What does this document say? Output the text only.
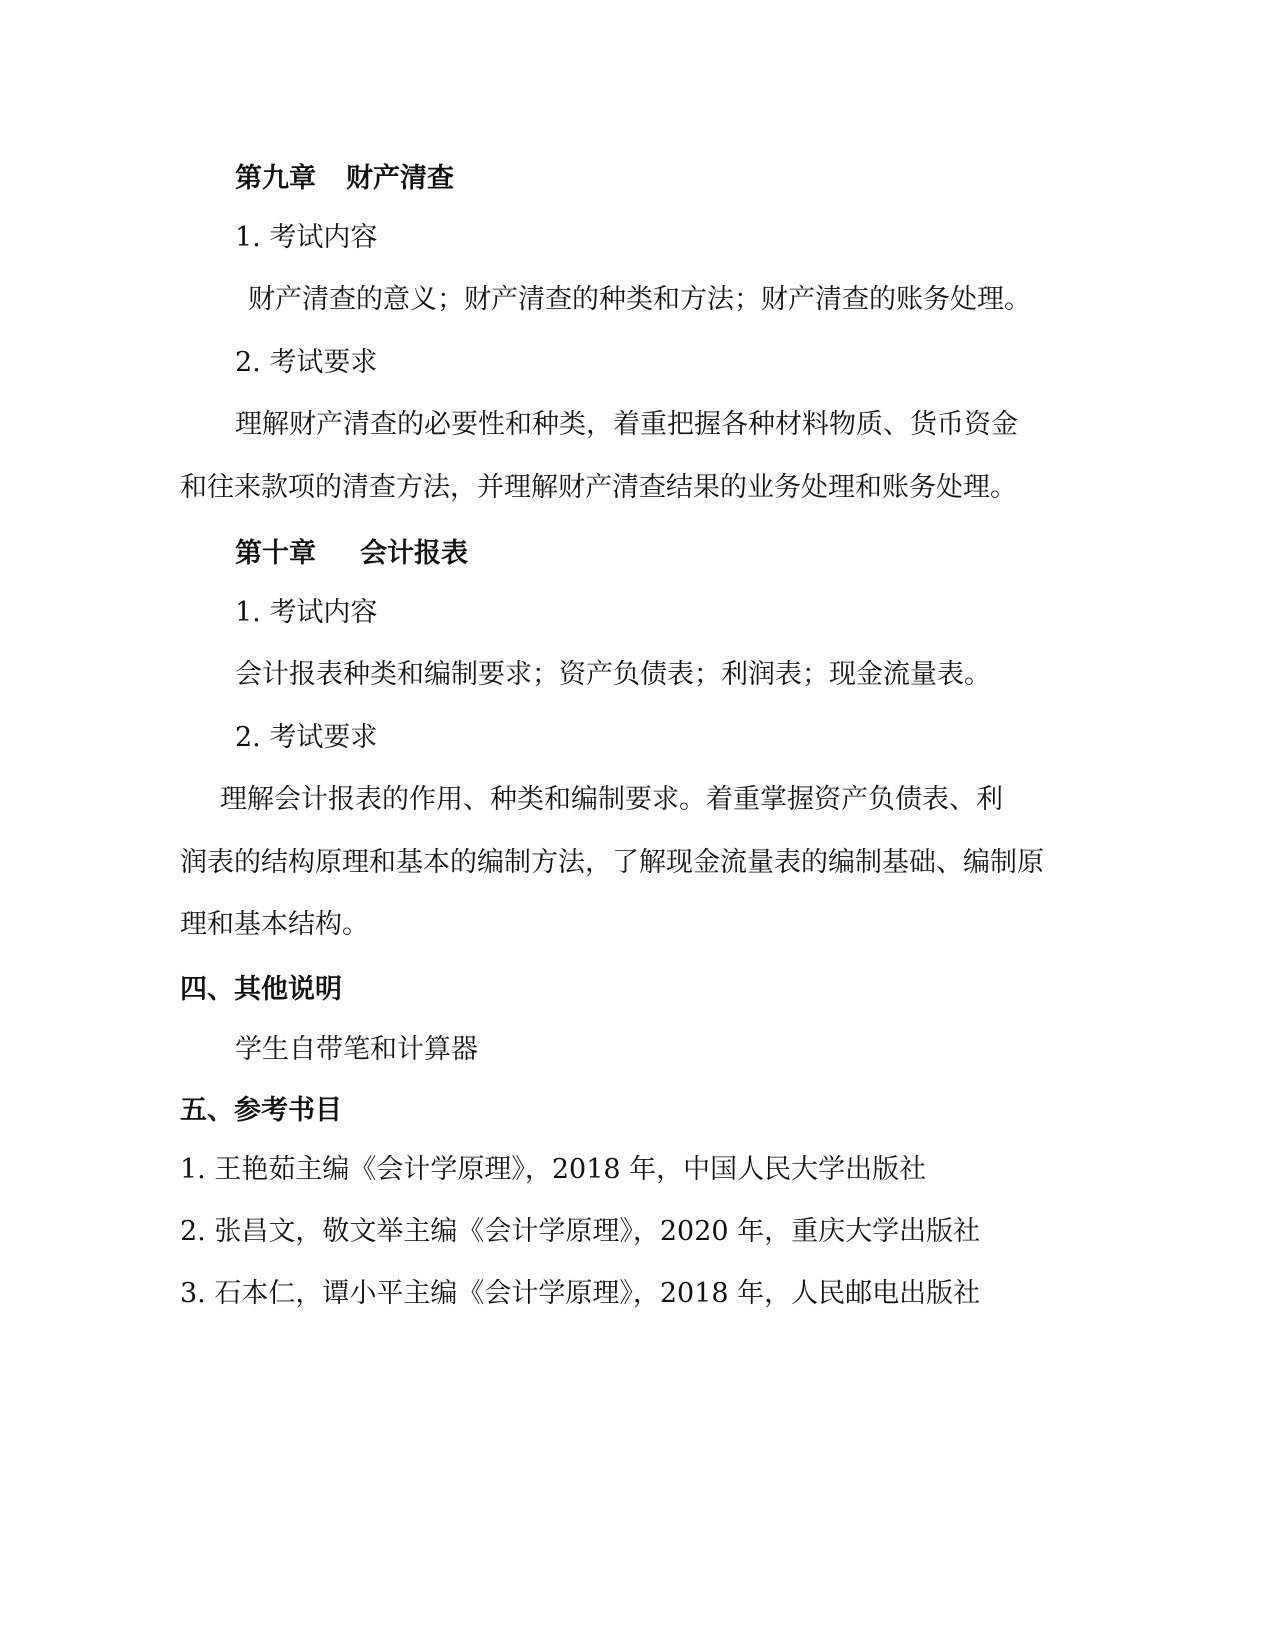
第九章 财产清查
1. 考试内容
财产清查的意义；财产清查的种类和方法；财产清查的账务处理。
2. 考试要求
理解财产清查的必要性和种类，着重把握各种材料物质、货币资金
和往来款项的清查方法，并理解财产清查结果的业务处理和账务处理。
第十章 会计报表
1. 考试内容
会计报表种类和编制要求；资产负债表；利润表；现金流量表。
2. 考试要求
理解会计报表的作用、种类和编制要求。着重掌握资产负债表、利
润表的结构原理和基本的编制方法，了解现金流量表的编制基础、编制原
理和基本结构。
四、其他说明
学生自带笔和计算器
五、参考书目
1. 王艳茹主编《会计学原理》，2018 年，中国人民大学出版社
2. 张昌文，敬文举主编《会计学原理》，2020 年，重庆大学出版社
3. 石本仁，谭小平主编《会计学原理》，2018 年，人民邮电出版社
